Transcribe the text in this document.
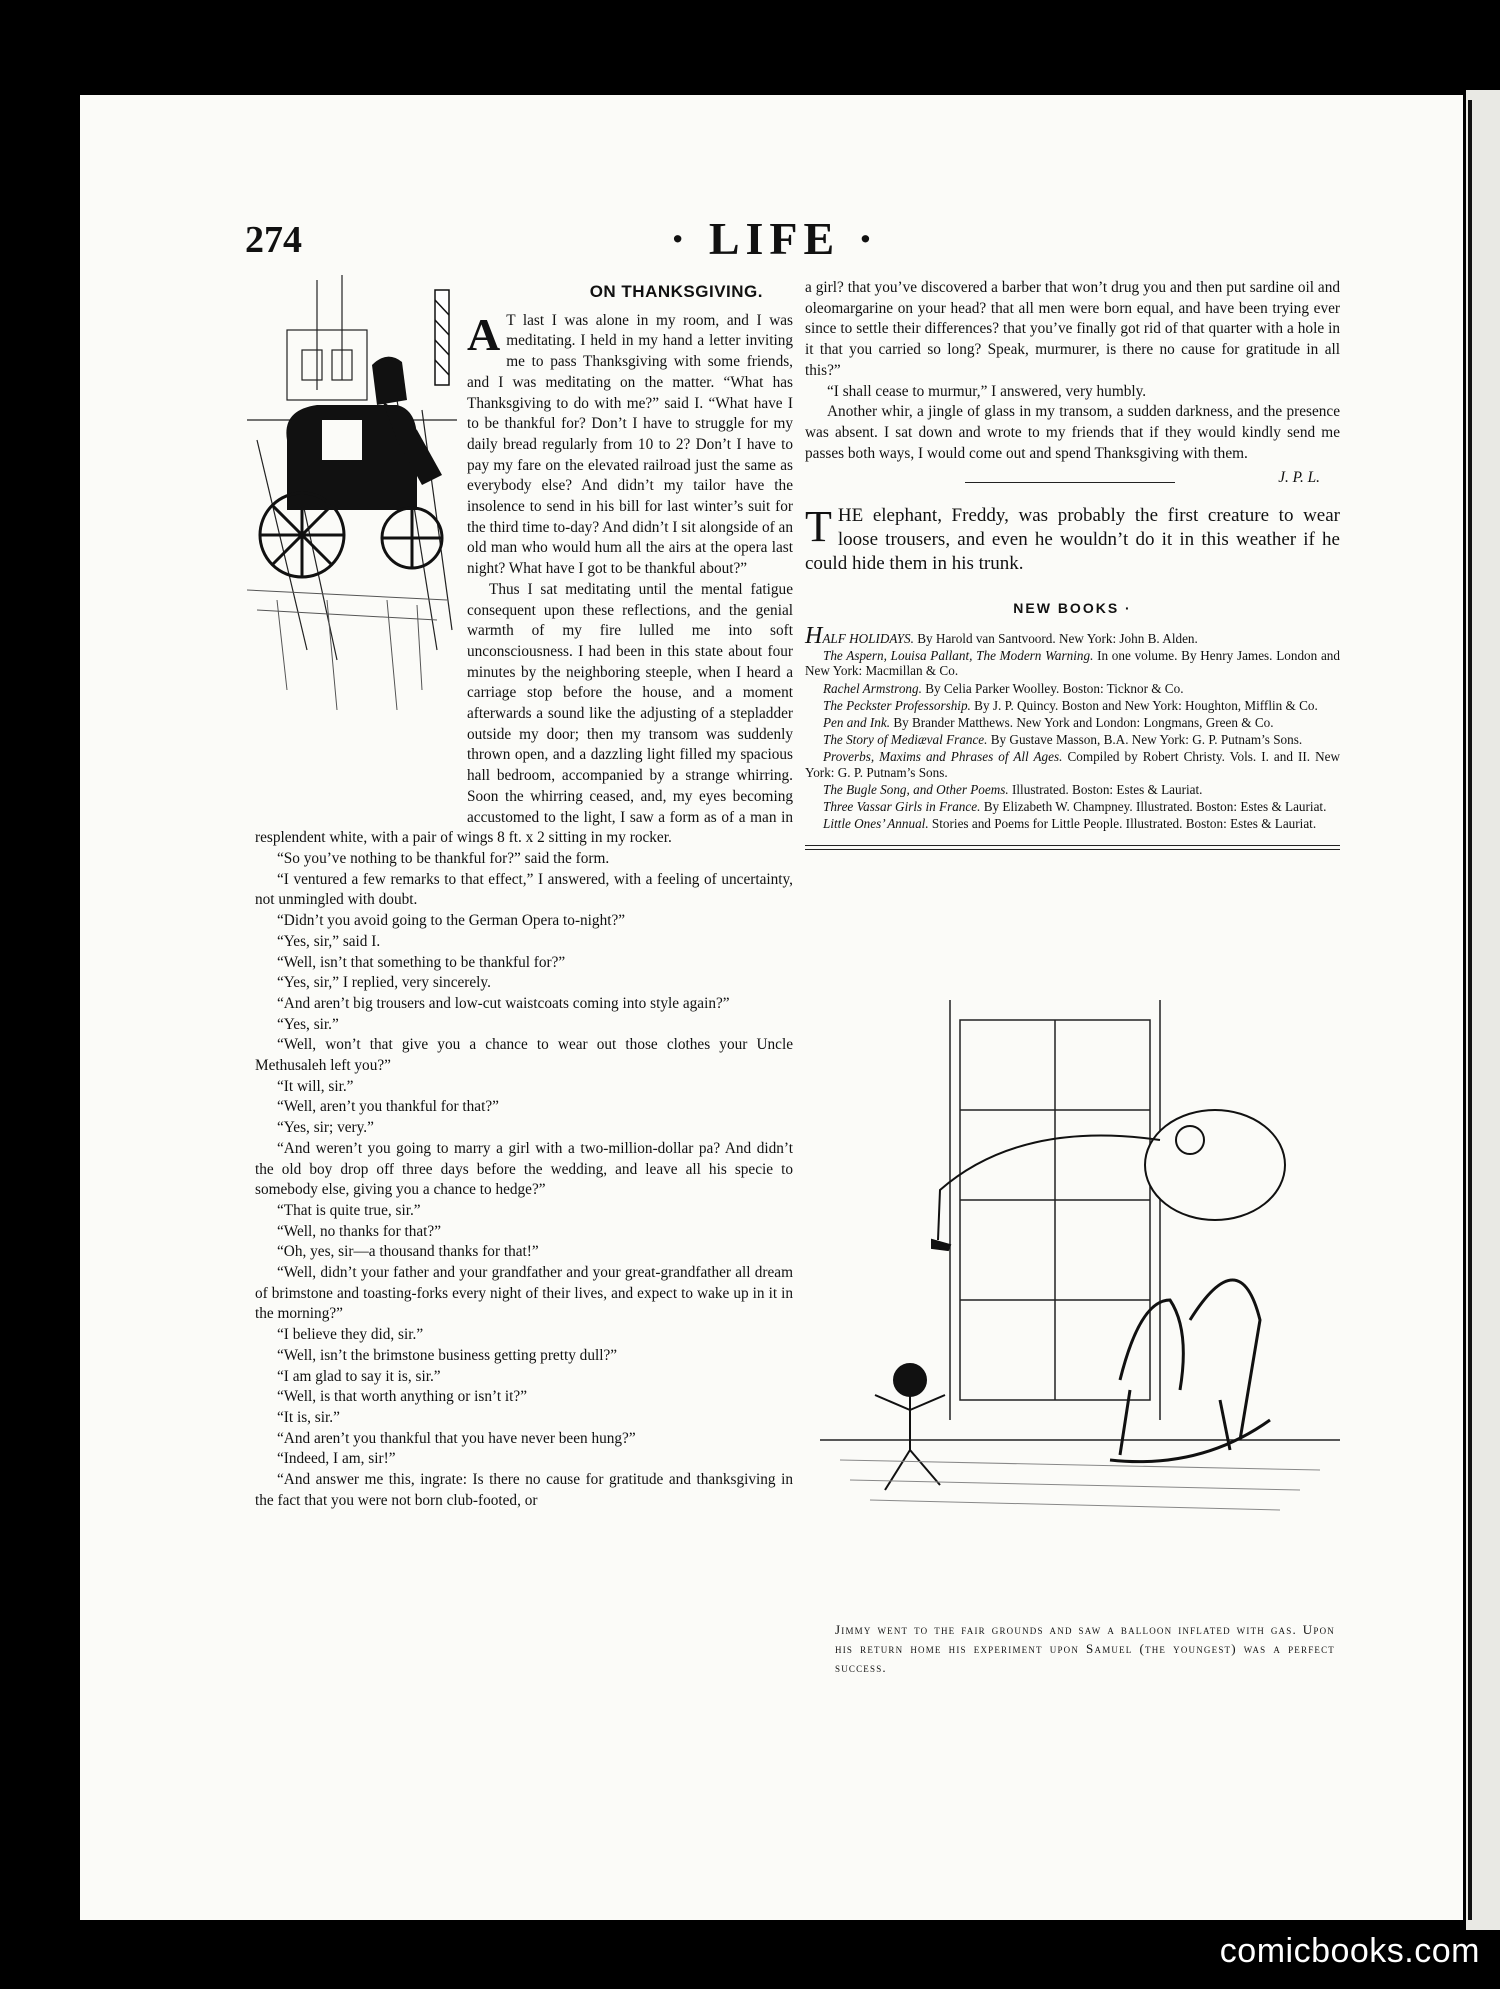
274	· LIFE ·
ON THANKSGIVING.

A T last I was alone in my room, and I was meditating. I held in my hand a letter inviting me to pass Thanksgiving with some friends, and I was meditating on the matter. “What has Thanksgiving to do with me?” said I. “What have I to be thankful for? Don’t I have to struggle for my daily bread regularly from 10 to 2? Don’t I have to pay my fare on the elevated railroad just the same as everybody else? And didn’t my tailor have the insolence to send in his bill for last winter’s suit for the third time to-day? And didn’t I sit alongside of an old man who would hum all the airs at the opera last night? What have I got to be thankful about?”

Thus I sat meditating until the mental fatigue consequent upon these reflections, and the genial warmth of my fire lulled me into soft unconsciousness. I had been in this state about four minutes by the neighboring steeple, when I heard a carriage stop before the house, and a moment afterwards a sound like the adjusting of a stepladder outside my door; then my transom was suddenly thrown open, and a dazzling light filled my spacious hall bedroom, accompanied by a strange whirring. Soon the whirring ceased, and, my eyes becoming accustomed to the light, I saw a form as of a man in resplendent white, with a pair of wings 8 ft. x 2 sitting in my rocker.

“So you’ve nothing to be thankful for?” said the form.

“I ventured a few remarks to that effect,” I answered, with a feeling of uncertainty, not unmingled with doubt.

“Didn’t you avoid going to the German Opera to-night?”

“Yes, sir,” said I.

“Well, isn’t that something to be thankful for?”

“Yes, sir,” I replied, very sincerely.

“And aren’t big trousers and low-cut waistcoats coming into style again?”

“Yes, sir.”

“Well, won’t that give you a chance to wear out those clothes your Uncle Methusaleh left you?”

“It will, sir.”

“Well, aren’t you thankful for that?”

“Yes, sir; very.”

“And weren’t you going to marry a girl with a two-million-dollar pa? And didn’t the old boy drop off three days before the wedding, and leave all his specie to somebody else, giving you a chance to hedge?”

“That is quite true, sir.”

“Well, no thanks for that?”

“Oh, yes, sir—a thousand thanks for that!”

“Well, didn’t your father and your grandfather and your great-grandfather all dream of brimstone and toasting-forks every night of their lives, and expect to wake up in it in the morning?”

“I believe they did, sir.”

“Well, isn’t the brimstone business getting pretty dull?”

“I am glad to say it is, sir.”

“Well, is that worth anything or isn’t it?”

“It is, sir.”

“And aren’t you thankful that you have never been hung?”

“Indeed, I am, sir!”

“And answer me this, ingrate: Is there no cause for gratitude and thanksgiving in the fact that you were not born club-footed, or

a girl? that you’ve discovered a barber that won’t drug you and then put sardine oil and oleomargarine on your head? that all men were born equal, and have been trying ever since to settle their differences? that you’ve finally got rid of that quarter with a hole in it that you carried so long? Speak, murmurer, is there no cause for gratitude in all this?”

“I shall cease to murmur,” I answered, very humbly.

Another whir, a jingle of glass in my transom, a sudden darkness, and the presence was absent. I sat down and wrote to my friends that if they would kindly send me passes both ways, I would come out and spend Thanksgiving with them.

J. P. L.
THE elephant, Freddy, was probably the first creature to wear loose trousers, and even he wouldn’t do it in this weather if he could hide them in his trunk.
NEW BOOKS ·
HALF HOLIDAYS. By Harold van Santvoord. New York: John B. Alden.
The Aspern, Louisa Pallant, The Modern Warning. In one volume. By Henry James. London and New York: Macmillan & Co.
Rachel Armstrong. By Celia Parker Woolley. Boston: Ticknor & Co.
The Peckster Professorship. By J. P. Quincy. Boston and New York: Houghton, Mifflin & Co.
Pen and Ink. By Brander Matthews. New York and London: Longmans, Green & Co.
The Story of Mediæval France. By Gustave Masson, B.A. New York: G. P. Putnam’s Sons.
Proverbs, Maxims and Phrases of All Ages. Compiled by Robert Christy. Vols. I. and II. New York: G. P. Putnam’s Sons.
The Bugle Song, and Other Poems. Illustrated. Boston: Estes & Lauriat.
Three Vassar Girls in France. By Elizabeth W. Champney. Illustrated. Boston: Estes & Lauriat.
Little Ones’ Annual. Stories and Poems for Little People. Illustrated. Boston: Estes & Lauriat.
Jimmy went to the fair grounds and saw a balloon inflated with gas. Upon his return home his experiment upon Samuel (the youngest) was a perfect success.
comicbooks.com
